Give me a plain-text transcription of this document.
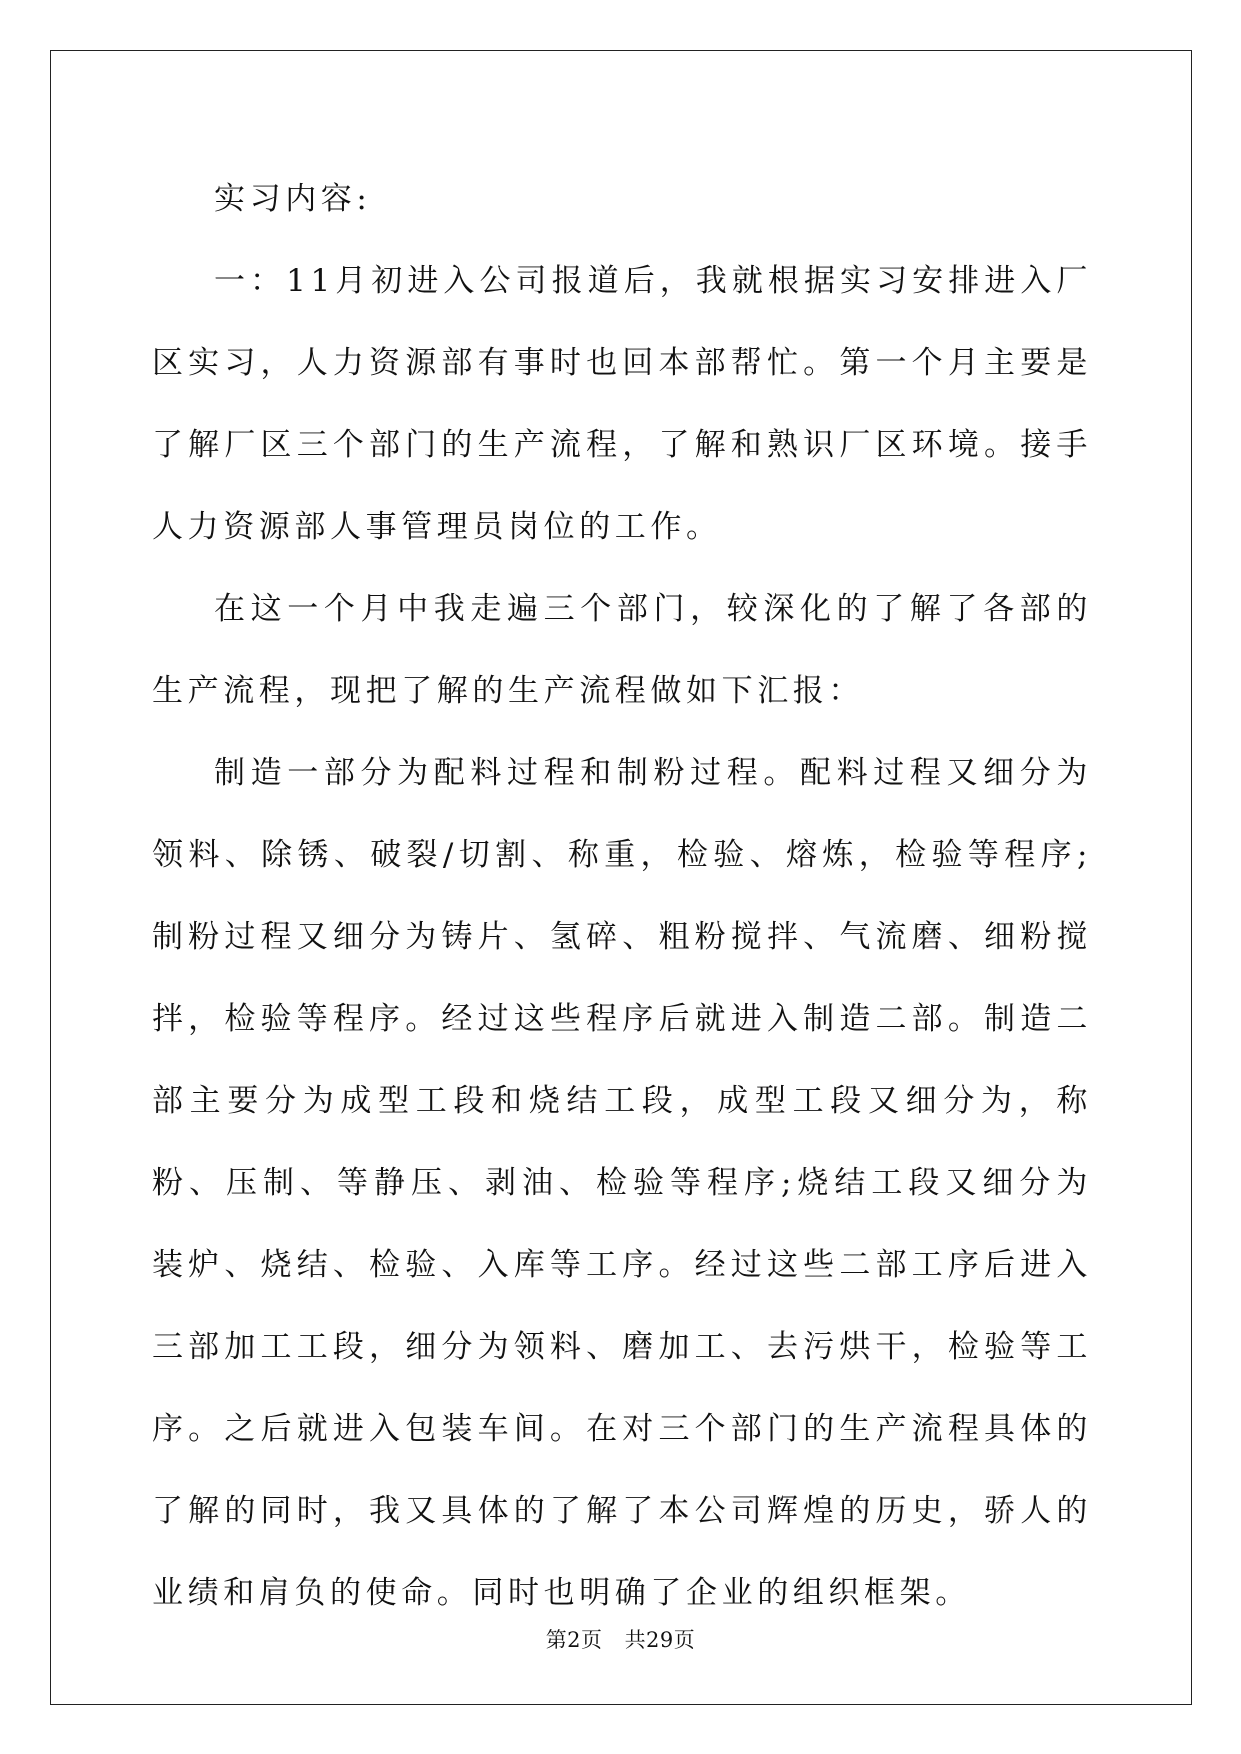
实习内容:

一：11月初进入公司报道后，我就根据实习安排进入厂区实习，人力资源部有事时也回本部帮忙。第一个月主要是了解厂区三个部门的生产流程，了解和熟识厂区环境。接手人力资源部人事管理员岗位的工作。

在这一个月中我走遍三个部门，较深化的了解了各部的生产流程，现把了解的生产流程做如下汇报：

制造一部分为配料过程和制粉过程。配料过程又细分为领料、除锈、破裂/切割、称重，检验、熔炼，检验等程序;制粉过程又细分为铸片、氢碎、粗粉搅拌、气流磨、细粉搅拌，检验等程序。经过这些程序后就进入制造二部。制造二部主要分为成型工段和烧结工段，成型工段又细分为，称粉、压制、等静压、剥油、检验等程序;烧结工段又细分为装炉、烧结、检验、入库等工序。经过这些二部工序后进入三部加工工段，细分为领料、磨加工、去污烘干，检验等工序。之后就进入包装车间。在对三个部门的生产流程具体的了解的同时，我又具体的了解了本公司辉煌的历史，骄人的业绩和肩负的使命。同时也明确了企业的组织框架。

第2页 共29页
